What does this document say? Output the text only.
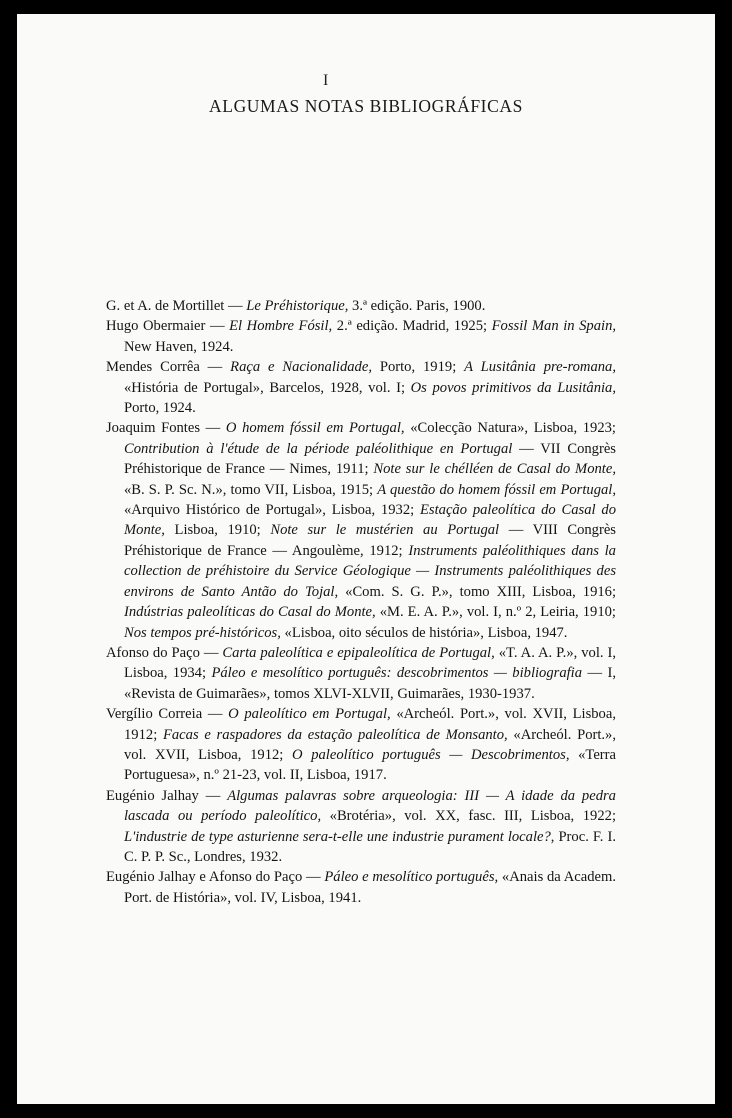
I
ALGUMAS NOTAS BIBLIOGRÁFICAS

G. et A. de Mortillet — Le Préhistorique, 3.ª edição. Paris, 1900.

Hugo Obermaier — El Hombre Fósil, 2.ª edição. Madrid, 1925; Fossil Man in Spain, New Haven, 1924.

Mendes Corrêa — Raça e Nacionalidade, Porto, 1919; A Lusitânia pre-romana, «História de Portugal», Barcelos, 1928, vol. I; Os povos primitivos da Lusitânia, Porto, 1924.

Joaquim Fontes — O homem fóssil em Portugal, «Colecção Natura», Lisboa, 1923; Contribution à l'étude de la période paléolithique en Portugal — VII Congrès Préhistorique de France — Nimes, 1911; Note sur le chélléen de Casal do Monte, «B. S. P. Sc. N.», tomo VII, Lisboa, 1915; A questão do homem fóssil em Portugal, «Arquivo Histórico de Portugal», Lisboa, 1932; Estação paleolítica do Casal do Monte, Lisboa, 1910; Note sur le mustérien au Portugal — VIII Congrès Préhistorique de France — Angoulème, 1912; Instruments paléolithiques dans la collection de préhistoire du Service Géologique — Instruments paléolithiques des environs de Santo Antão do Tojal, «Com. S. G. P.», tomo XIII, Lisboa, 1916; Indústrias paleolíticas do Casal do Monte, «M. E. A. P.», vol. I, n.º 2, Leiria, 1910; Nos tempos pré-históricos, «Lisboa, oito séculos de história», Lisboa, 1947.

Afonso do Paço — Carta paleolítica e epipaleolítica de Portugal, «T. A. A. P.», vol. I, Lisboa, 1934; Páleo e mesolítico português: descobrimentos — bibliografia — I, «Revista de Guimarães», tomos XLVI-XLVII, Guimarães, 1930-1937.

Vergílio Correia — O paleolítico em Portugal, «Archeól. Port.», vol. XVII, Lisboa, 1912; Facas e raspadores da estação paleolítica de Monsanto, «Archeól. Port.», vol. XVII, Lisboa, 1912; O paleolítico português — Descobrimentos, «Terra Portuguesa», n.º 21-23, vol. II, Lisboa, 1917.

Eugénio Jalhay — Algumas palavras sobre arqueologia: III — A idade da pedra lascada ou período paleolítico, «Brotéria», vol. XX, fasc. III, Lisboa, 1922; L'industrie de type asturienne sera-t-elle une industrie purament locale?, Proc. F. I. C. P. P. Sc., Londres, 1932.

Eugénio Jalhay e Afonso do Paço — Páleo e mesolítico português, «Anais da Academ. Port. de História», vol. IV, Lisboa, 1941.
